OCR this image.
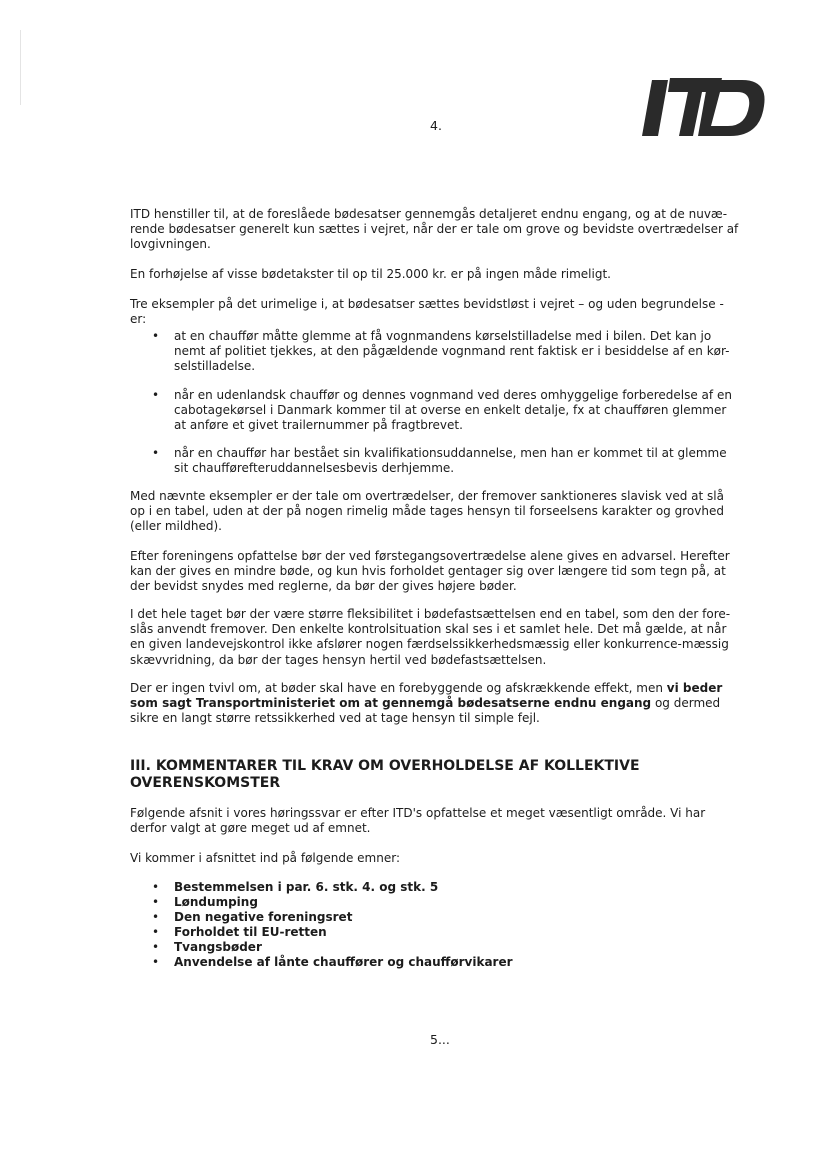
4.

ITD henstiller til, at de foreslåede bødesatser gennemgås detaljeret endnu engang, og at de nuvæ-rende bødesatser generelt kun sættes i vejret, når der er tale om grove og bevidste overtrædelser af lovgivningen.

En forhøjelse af visse bødetakster til op til 25.000 kr. er på ingen måde rimeligt.

Tre eksempler på det urimelige i, at bødesatser sættes bevidstløst i vejret – og uden begrundelse - er:

• at en chauffør måtte glemme at få vognmandens kørselstilladelse med i bilen. Det kan jo nemt af politiet tjekkes, at den pågældende vognmand rent faktisk er i besiddelse af en kør-selstilladelse.
• når en udenlandsk chauffør og dennes vognmand ved deres omhyggelige forberedelse af en cabotagekørsel i Danmark kommer til at overse en enkelt detalje, fx at chaufføren glemmer at anføre et givet trailernummer på fragtbrevet.
• når en chauffør har bestået sin kvalifikationsuddannelse, men han er kommet til at glemme sit chaufførefteruddannelsesbevis derhjemme.

Med nævnte eksempler er der tale om overtrædelser, der fremover sanktioneres slavisk ved at slå op i en tabel, uden at der på nogen rimelig måde tages hensyn til forseelsens karakter og grovhed (eller mildhed).

Efter foreningens opfattelse bør der ved førstegangsovertrædelse alene gives en advarsel. Herefter kan der gives en mindre bøde, og kun hvis forholdet gentager sig over længere tid som tegn på, at der bevidst snydes med reglerne, da bør der gives højere bøder.

I det hele taget bør der være større fleksibilitet i bødefastsættelsen end en tabel, som den der fore-slås anvendt fremover. Den enkelte kontrolsituation skal ses i et samlet hele. Det må gælde, at når en given landevejskontrol ikke afslører nogen færdselssikkerhedsmæssig eller konkurrence-mæssig skævvridning, da bør der tages hensyn hertil ved bødefastsættelsen.

Der er ingen tvivl om, at bøder skal have en forebyggende og afskrækkende effekt, men vi beder som sagt Transportministeriet om at gennemgå bødesatserne endnu engang og dermed sikre en langt større retssikkerhed ved at tage hensyn til simple fejl.

III. KOMMENTARER TIL KRAV OM OVERHOLDELSE AF KOLLEKTIVE OVERENSKOMSTER

Følgende afsnit i vores høringssvar er efter ITD's opfattelse et meget væsentligt område. Vi har derfor valgt at gøre meget ud af emnet.

Vi kommer i afsnittet ind på følgende emner:

• Bestemmelsen i par. 6. stk. 4. og stk. 5
• Løndumping
• Den negative foreningsret
• Forholdet til EU-retten
• Tvangsbøder
• Anvendelse af lånte chauffører og chaufførvikarer
5...
